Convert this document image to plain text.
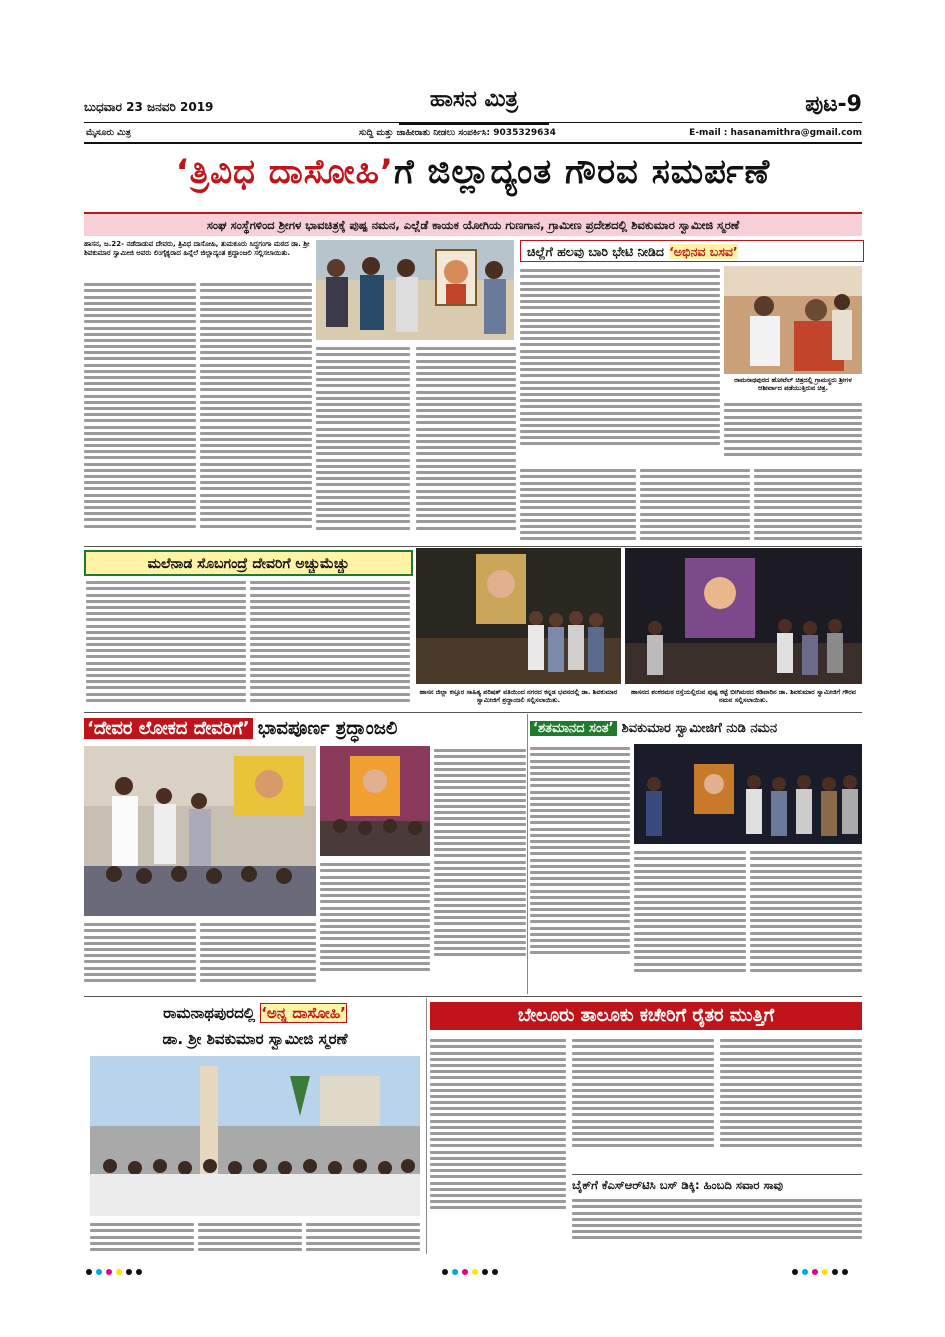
ಬುಧವಾರ 23 ಜನವರಿ 2019	ಹಾಸನ ಮಿತ್ರ	ಪುಟ-9
ಮೈಸೂರು ಮಿತ್ರ	ಸುದ್ದಿ ಮತ್ತು ಜಾಹೀರಾತು ನೀಡಲು ಸಂಪರ್ಕಿಸಿ: 9035329634	E-mail : hasanamithra@gmail.com
‘ತ್ರಿವಿಧ ದಾಸೋಹಿ’ಗೆ ಜಿಲ್ಲಾದ್ಯಂತ ಗೌರವ ಸಮರ್ಪಣೆ
ಸಂಘ ಸಂಸ್ಥೆಗಳಿಂದ ಶ್ರೀಗಳ ಭಾವಚಿತ್ರಕ್ಕೆ ಪುಷ್ಪ ನಮನ, ಎಲ್ಲೆಡೆ ಕಾಯಕ ಯೋಗಿಯ ಗುಣಗಾನ, ಗ್ರಾಮೀಣ ಪ್ರದೇಶದಲ್ಲಿ ಶಿವಕುಮಾರ ಸ್ವಾಮೀಜಿ ಸ್ಮರಣೆ
ಹಾಸನ, ಜ.22- ನಡೆದಾಡುವ ದೇವರು, ತ್ರಿವಿಧ ದಾಸೋಹಿ, ತುಮಕೂರು ಸಿದ್ಧಗಂಗಾ ಮಠದ ಡಾ. ಶ್ರೀ ಶಿವಕುಮಾರ ಸ್ವಾಮೀಜಿ ಅವರು ಲಿಂಗೈಕ್ಯರಾದ ಹಿನ್ನೆಲೆ ಜಿಲ್ಲಾದ್ಯಂತ ಶ್ರದ್ಧಾಂಜಲಿ ಸಲ್ಲಿಸಲಾಯಿತು.	ಚಿಲ್ಲೆಗೆ ಹಲವು ಬಾರಿ ಭೇಟಿ ನೀಡಿದ ‘ಅಭಿನವ ಬಸವ’
ರಾಮನಾಥಪುರದ ಹೋಟೆಲ್ ಚಿತ್ರದಲ್ಲಿ ಗ್ರಾಮಸ್ಥರು ಶ್ರೀಗಳ ಆಶೀರ್ವಾದ ಪಡೆಯುತ್ತಿರುವ ಚಿತ್ರ.
ಮಲೆನಾಡ ಸೊಬಗಂದ್ರೆ ದೇವರಿಗೆ ಅಚ್ಚುಮೆಚ್ಚು
ಹಾಸನ ಜಿಲ್ಲಾ ಕಸ್ತೂರ ಸಾಹಿತ್ಯ ಪರಿಷತ್ ವತಿಯಿಂದ ನಗರದ ಕನ್ನಡ ಭವನದಲ್ಲಿ ಡಾ. ಶಿವಕುಮಾರ ಸ್ವಾಮೀಜಿಗೆ ಶ್ರದ್ಧಾಂಜಲಿ ಸಲ್ಲಿಸಲಾಯಿತು.
ಹಾಸನದ ಶಂಕರಮಠ ರಸ್ತೆಯಲ್ಲಿರುವ ಪುಷ್ಪ ಕಟ್ಟೆ ಬೀಗಿಮಠದ ಕಡಿವಾರಿನ ಡಾ. ಶಿವಕುಮಾರ ಸ್ವಾಮೀಜಿಗೆ ಗೌರವ ನಮನ ಸಲ್ಲಿಸಲಾಯಿತು.
‘ದೇವರ ಲೋಕದ ದೇವರಿಗೆ’ ಭಾವಪೂರ್ಣ ಶ್ರದ್ಧಾಂಜಲಿ	‘ಶತಮಾನದ ಸಂತ’ ಶಿವಕುಮಾರ ಸ್ವಾಮೀಜಿಗೆ ನುಡಿ ನಮನ
ರಾಮನಾಥಪುರದಲ್ಲಿ ‘ಅನ್ನ ದಾಸೋಹಿ’
ಡಾ. ಶ್ರೀ ಶಿವಕುಮಾರ ಸ್ವಾಮೀಜಿ ಸ್ಮರಣೆ
ಬೇಲೂರು ತಾಲೂಕು ಕಚೇರಿಗೆ ರೈತರ ಮುತ್ತಿಗೆ
ಬೈಕ್‌ಗೆ ಕೆಎಸ್‌ಆರ್‌ಟಿಸಿ ಬಸ್ ಡಿಕ್ಕಿ: ಹಿಂಬದಿ ಸವಾರ ಸಾವು
